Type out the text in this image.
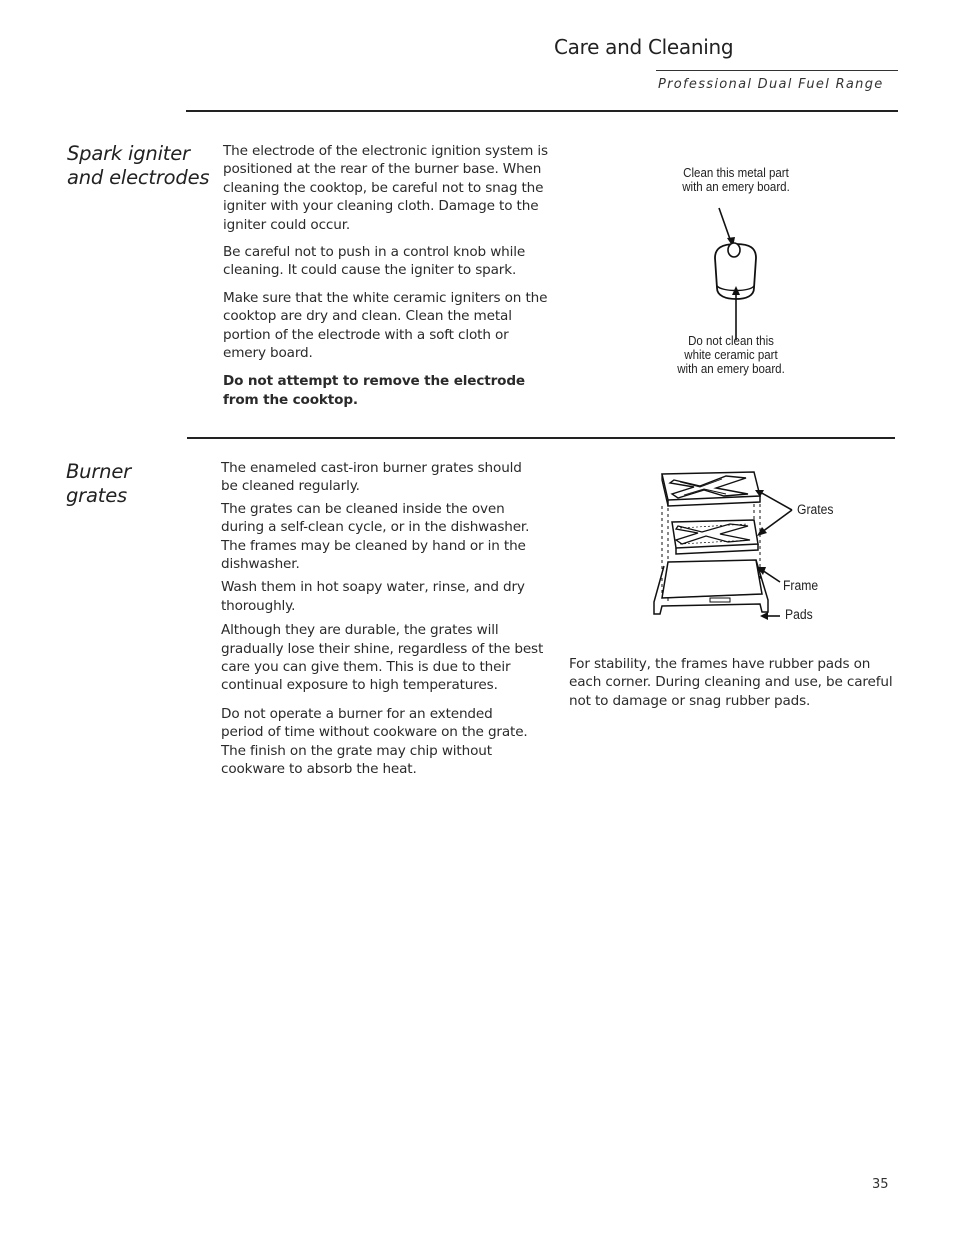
Care and Cleaning
Professional Dual Fuel Range
Spark igniter
and electrodes

The electrode of the electronic ignition system is positioned at the rear of the burner base. When cleaning the cooktop, be careful not to snag the igniter with your cleaning cloth. Damage to the igniter could occur.

Be careful not to push in a control knob while cleaning. It could cause the igniter to spark.

Make sure that the white ceramic igniters on the cooktop are dry and clean. Clean the metal portion of the electrode with a soft cloth or emery board.

Do not attempt to remove the electrode from the cooktop.

Clean this metal part with an emery board.
Do not clean this white ceramic part with an emery board.
Burner
grates

The enameled cast-iron burner grates should be cleaned regularly.

The grates can be cleaned inside the oven during a self-clean cycle, or in the dishwasher. The frames may be cleaned by hand or in the dishwasher.

Wash them in hot soapy water, rinse, and dry thoroughly.

Although they are durable, the grates will gradually lose their shine, regardless of the best care you can give them. This is due to their continual exposure to high temperatures.

Do not operate a burner for an extended period of time without cookware on the grate. The finish on the grate may chip without cookware to absorb the heat.

Grates
Frame
Pads
For stability, the frames have rubber pads on each corner. During cleaning and use, be careful not to damage or snag rubber pads.
35
